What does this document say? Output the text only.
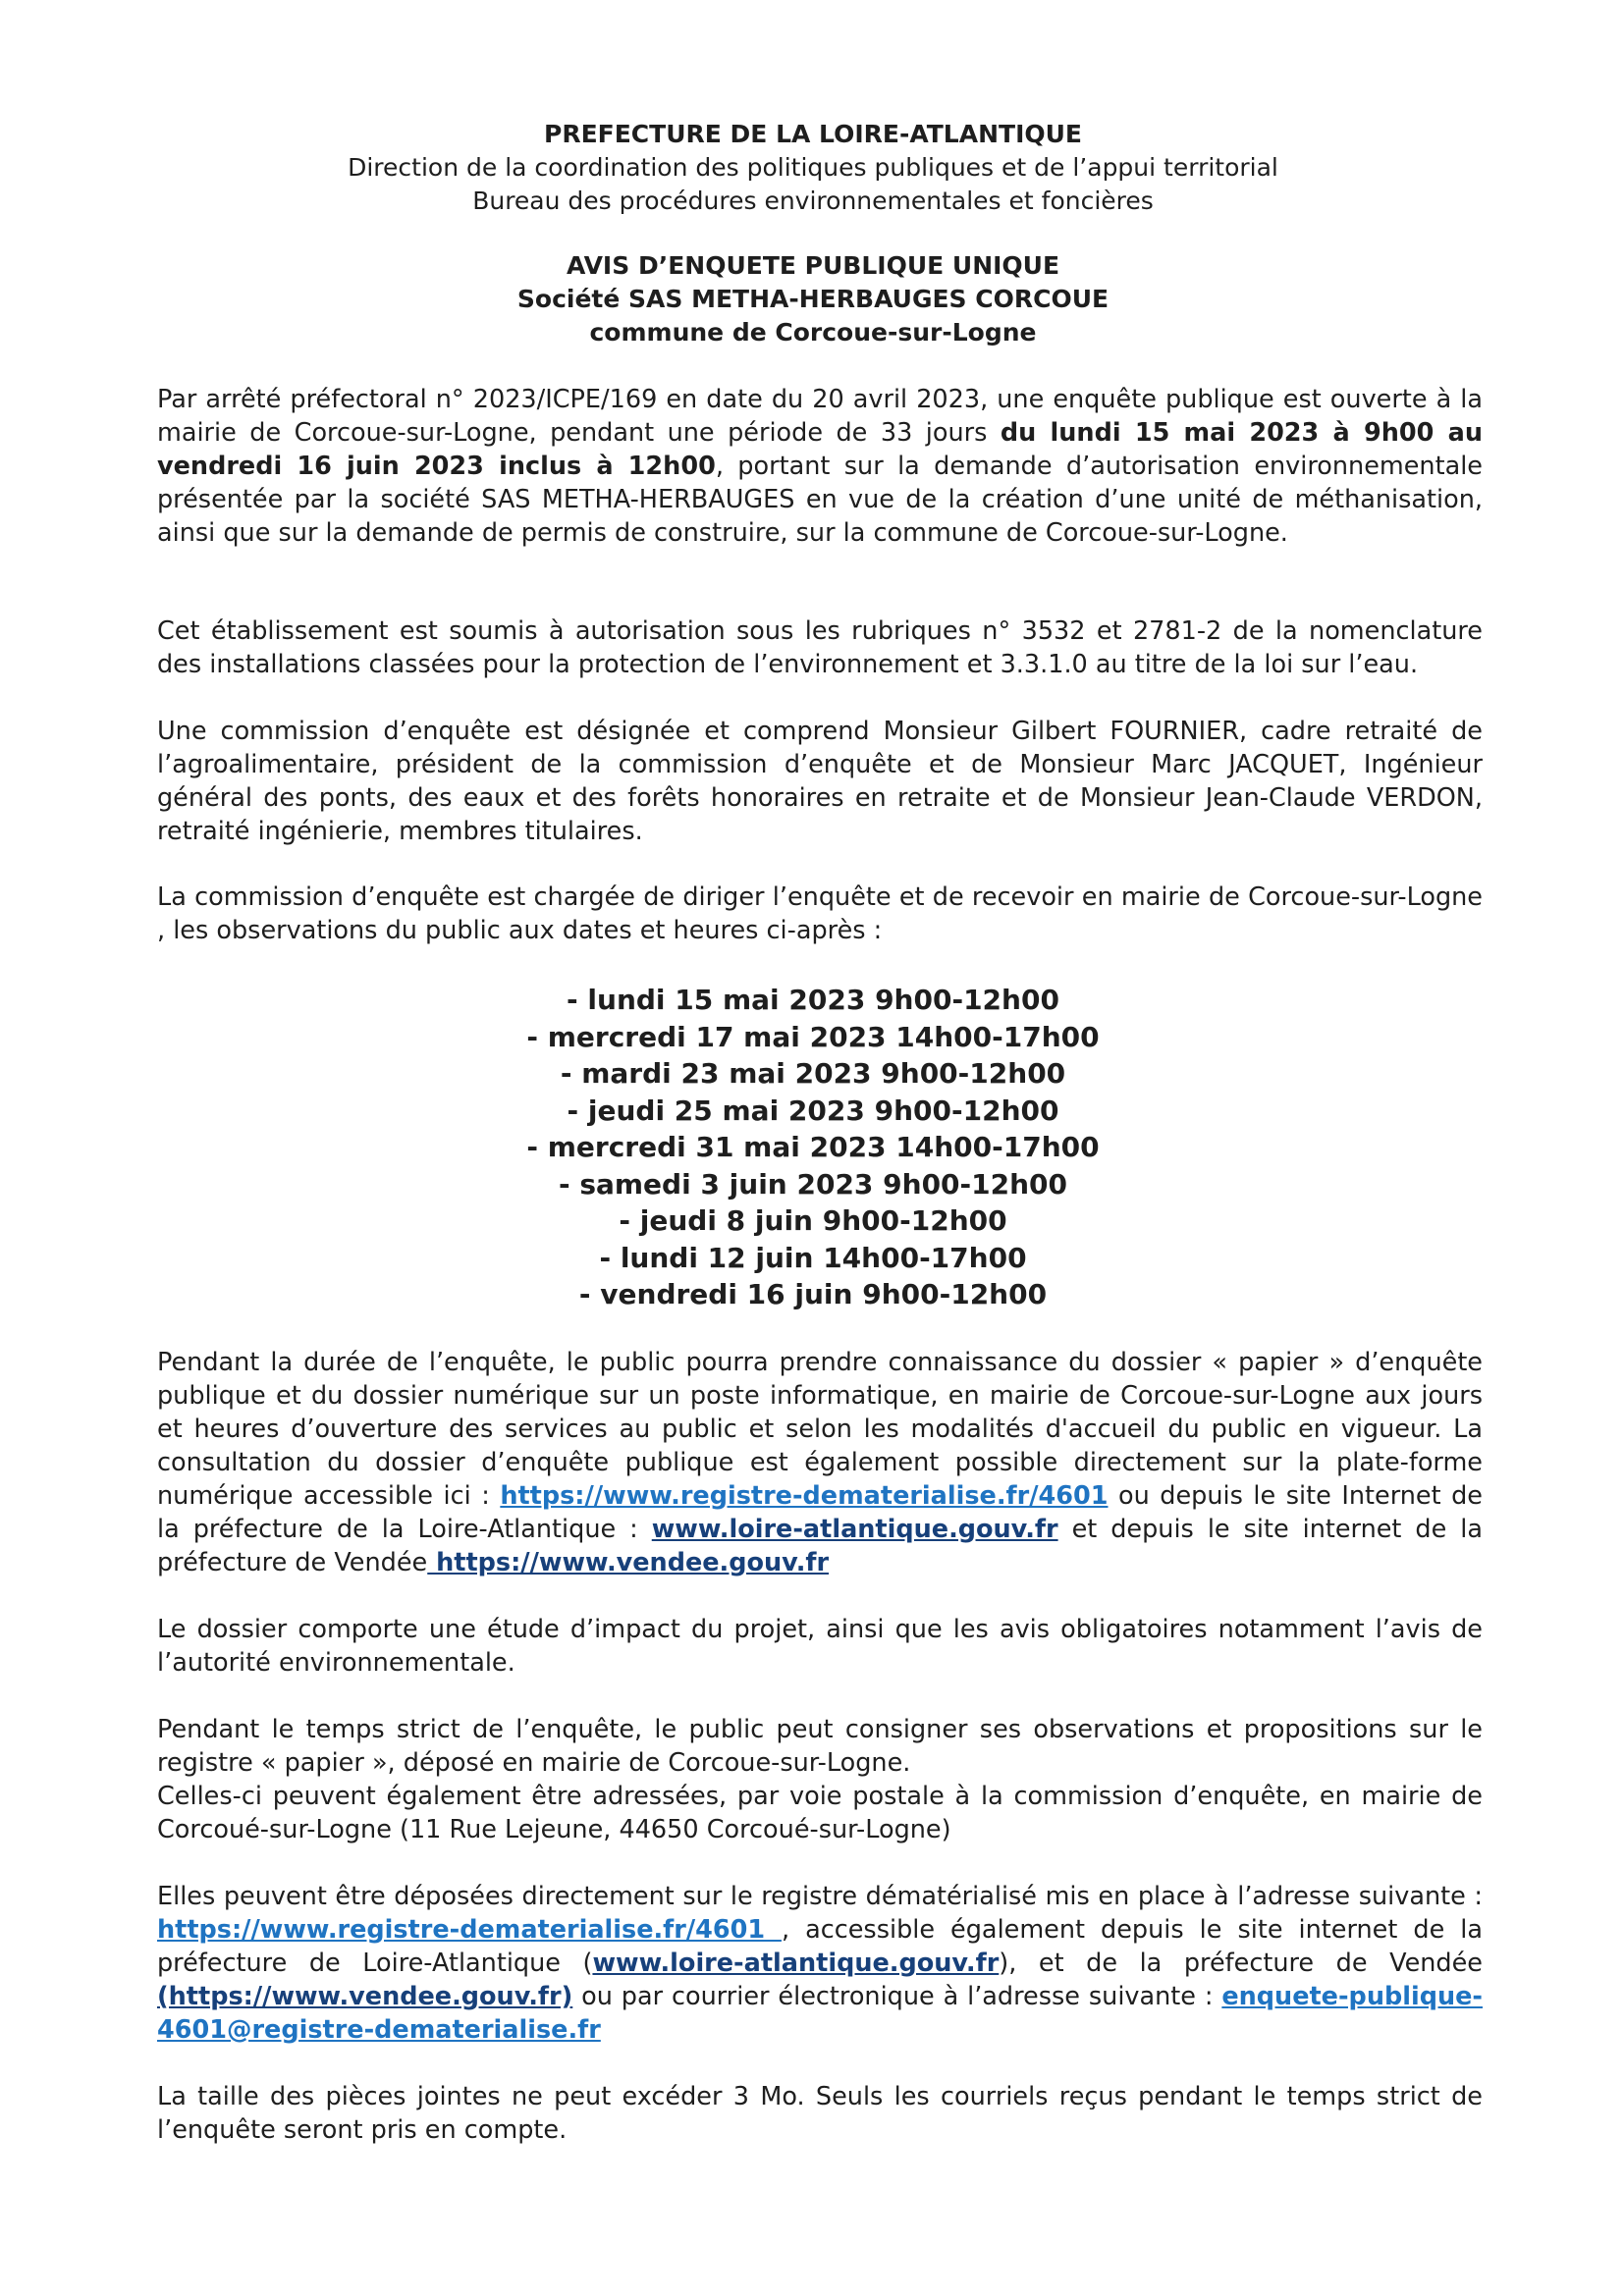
PREFECTURE DE LA LOIRE-ATLANTIQUE
Direction de la coordination des politiques publiques et de l’appui territorial
Bureau des procédures environnementales et foncières
AVIS D’ENQUETE PUBLIQUE UNIQUE
Société SAS METHA-HERBAUGES CORCOUE
commune de Corcoue-sur-Logne

Par arrêté préfectoral n° 2023/ICPE/169 en date du 20 avril 2023, une enquête publique est ouverte à la mairie de Corcoue-sur-Logne, pendant une période de 33 jours du lundi 15 mai 2023 à 9h00 au vendredi 16 juin 2023 inclus à 12h00, portant sur la demande d’autorisation environnementale présentée par la société SAS METHA-HERBAUGES en vue de la création d’une unité de méthanisation, ainsi que sur la demande de permis de construire, sur la commune de Corcoue-sur-Logne.

Cet établissement est soumis à autorisation sous les rubriques n° 3532 et 2781-2 de la nomenclature des installations classées pour la protection de l’environnement et 3.3.1.0 au titre de la loi sur l’eau.

Une commission d’enquête est désignée et comprend Monsieur Gilbert FOURNIER, cadre retraité de l’agroalimentaire, président de la commission d’enquête et de Monsieur Marc JACQUET, Ingénieur général des ponts, des eaux et des forêts honoraires en retraite et de Monsieur Jean-Claude VERDON, retraité ingénierie, membres titulaires.

La commission d’enquête est chargée de diriger l’enquête et de recevoir en mairie de Corcoue-sur-Logne , les observations du public aux dates et heures ci-après :

- lundi 15 mai 2023 9h00-12h00
- mercredi 17 mai 2023 14h00-17h00
- mardi 23 mai 2023 9h00-12h00
- jeudi 25 mai 2023 9h00-12h00
- mercredi 31 mai 2023 14h00-17h00
- samedi 3 juin 2023 9h00-12h00
- jeudi 8 juin 9h00-12h00
- lundi 12 juin 14h00-17h00
- vendredi 16 juin 9h00-12h00

Pendant la durée de l’enquête, le public pourra prendre connaissance du dossier « papier » d’enquête publique et du dossier numérique sur un poste informatique, en mairie de Corcoue-sur-Logne aux jours et heures d’ouverture des services au public et selon les modalités d'accueil du public en vigueur. La consultation du dossier d’enquête publique est également possible directement sur la plate-forme numérique accessible ici : https://www.registre-dematerialise.fr/4601 ou depuis le site Internet de la préfecture de la Loire-Atlantique : www.loire-atlantique.gouv.fr et depuis le site internet de la préfecture de Vendée https://www.vendee.gouv.fr

Le dossier comporte une étude d’impact du projet, ainsi que les avis obligatoires notamment l’avis de l’autorité environnementale.

Pendant le temps strict de l’enquête, le public peut consigner ses observations et propositions sur le registre « papier », déposé en mairie de Corcoue-sur-Logne.
Celles-ci peuvent également être adressées, par voie postale à la commission d’enquête, en mairie de Corcoué-sur-Logne (11 Rue Lejeune, 44650 Corcoué-sur-Logne)

Elles peuvent être déposées directement sur le registre dématérialisé mis en place à l’adresse suivante : https://www.registre-dematerialise.fr/4601 , accessible également depuis le site internet de la préfecture de Loire-Atlantique (www.loire-atlantique.gouv.fr), et de la préfecture de Vendée (https://www.vendee.gouv.fr) ou par courrier électronique à l’adresse suivante : enquete-publique-4601@registre-dematerialise.fr

La taille des pièces jointes ne peut excéder 3 Mo. Seuls les courriels reçus pendant le temps strict de l’enquête seront pris en compte.
